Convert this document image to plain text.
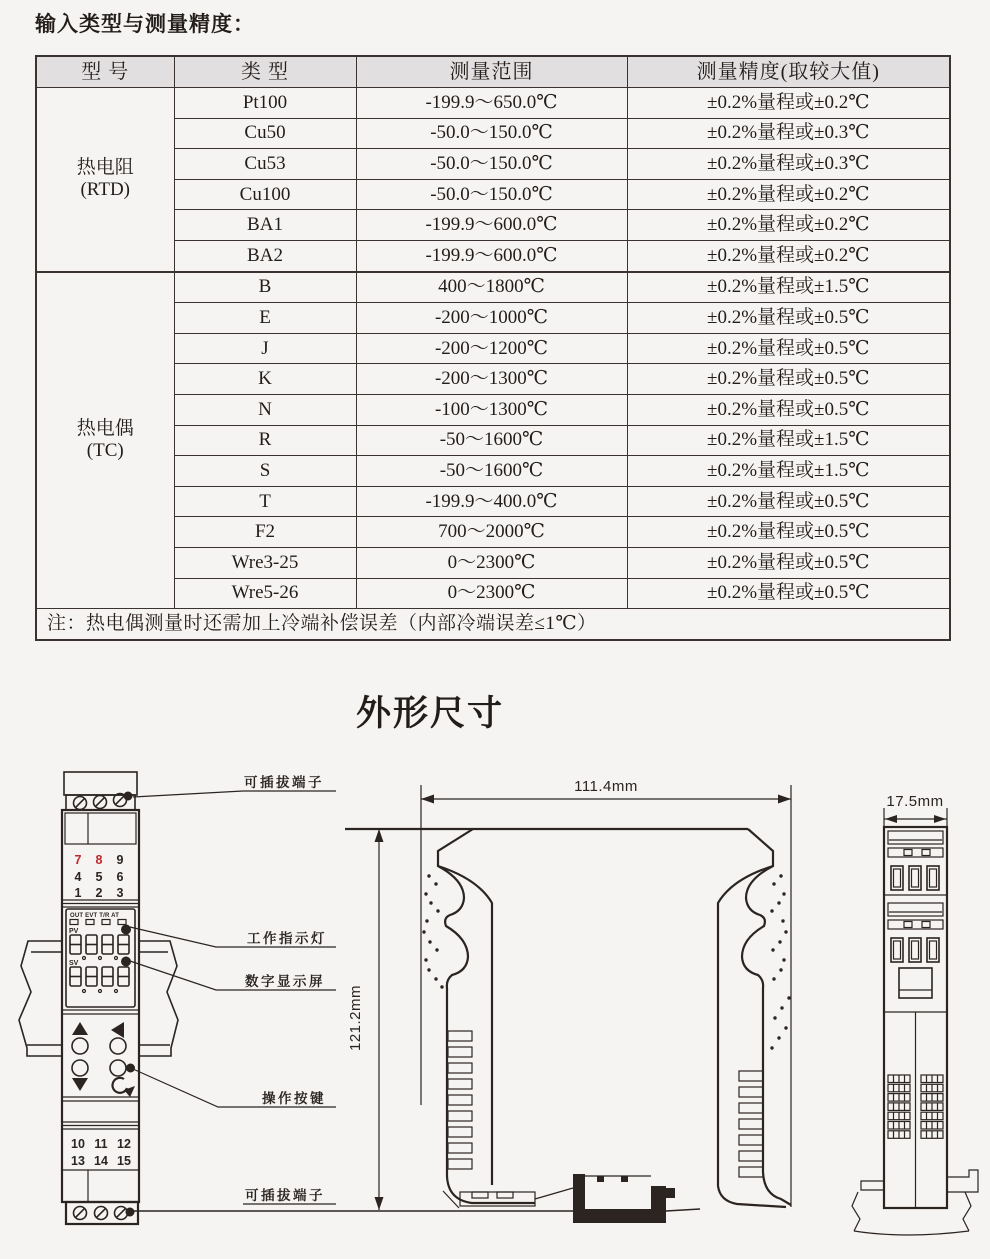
输入类型与测量精度：
型 号	类 型	测量范围	测量精度(取较大值)

热电阻
(RTD)	Pt100	-199.9～650.0℃	±0.2%量程或±0.2℃
	Cu50	-50.0～150.0℃	±0.2%量程或±0.3℃
	Cu53	-50.0～150.0℃	±0.2%量程或±0.3℃
	Cu100	-50.0～150.0℃	±0.2%量程或±0.2℃
	BA1	-199.9～600.0℃	±0.2%量程或±0.2℃
	BA2	-199.9～600.0℃	±0.2%量程或±0.2℃

热电偶
(TC)	B	400～1800℃	±0.2%量程或±1.5℃
	E	-200～1000℃	±0.2%量程或±0.5℃
	J	-200～1200℃	±0.2%量程或±0.5℃
	K	-200～1300℃	±0.2%量程或±0.5℃
	N	-100～1300℃	±0.2%量程或±0.5℃
	R	-50～1600℃	±0.2%量程或±1.5℃
	S	-50～1600℃	±0.2%量程或±1.5℃
	T	-199.9～400.0℃	±0.2%量程或±0.5℃
	F2	700～2000℃	±0.2%量程或±0.5℃
	Wre3-25	0～2300℃	±0.2%量程或±0.5℃
	Wre5-26	0～2300℃	±0.2%量程或±0.5℃
注：热电偶测量时还需加上冷端补偿误差（内部冷端误差≤1℃）			
外形尺寸
7 8 9
4 5 6
1 2 3
OUT EVT T/R AT
PV
SV
10 11 12
13 14 15
可插拔端子
工作指示灯
数字显示屏
操作按键
可插拔端子
111.4mm
121.2mm
17.5mm
